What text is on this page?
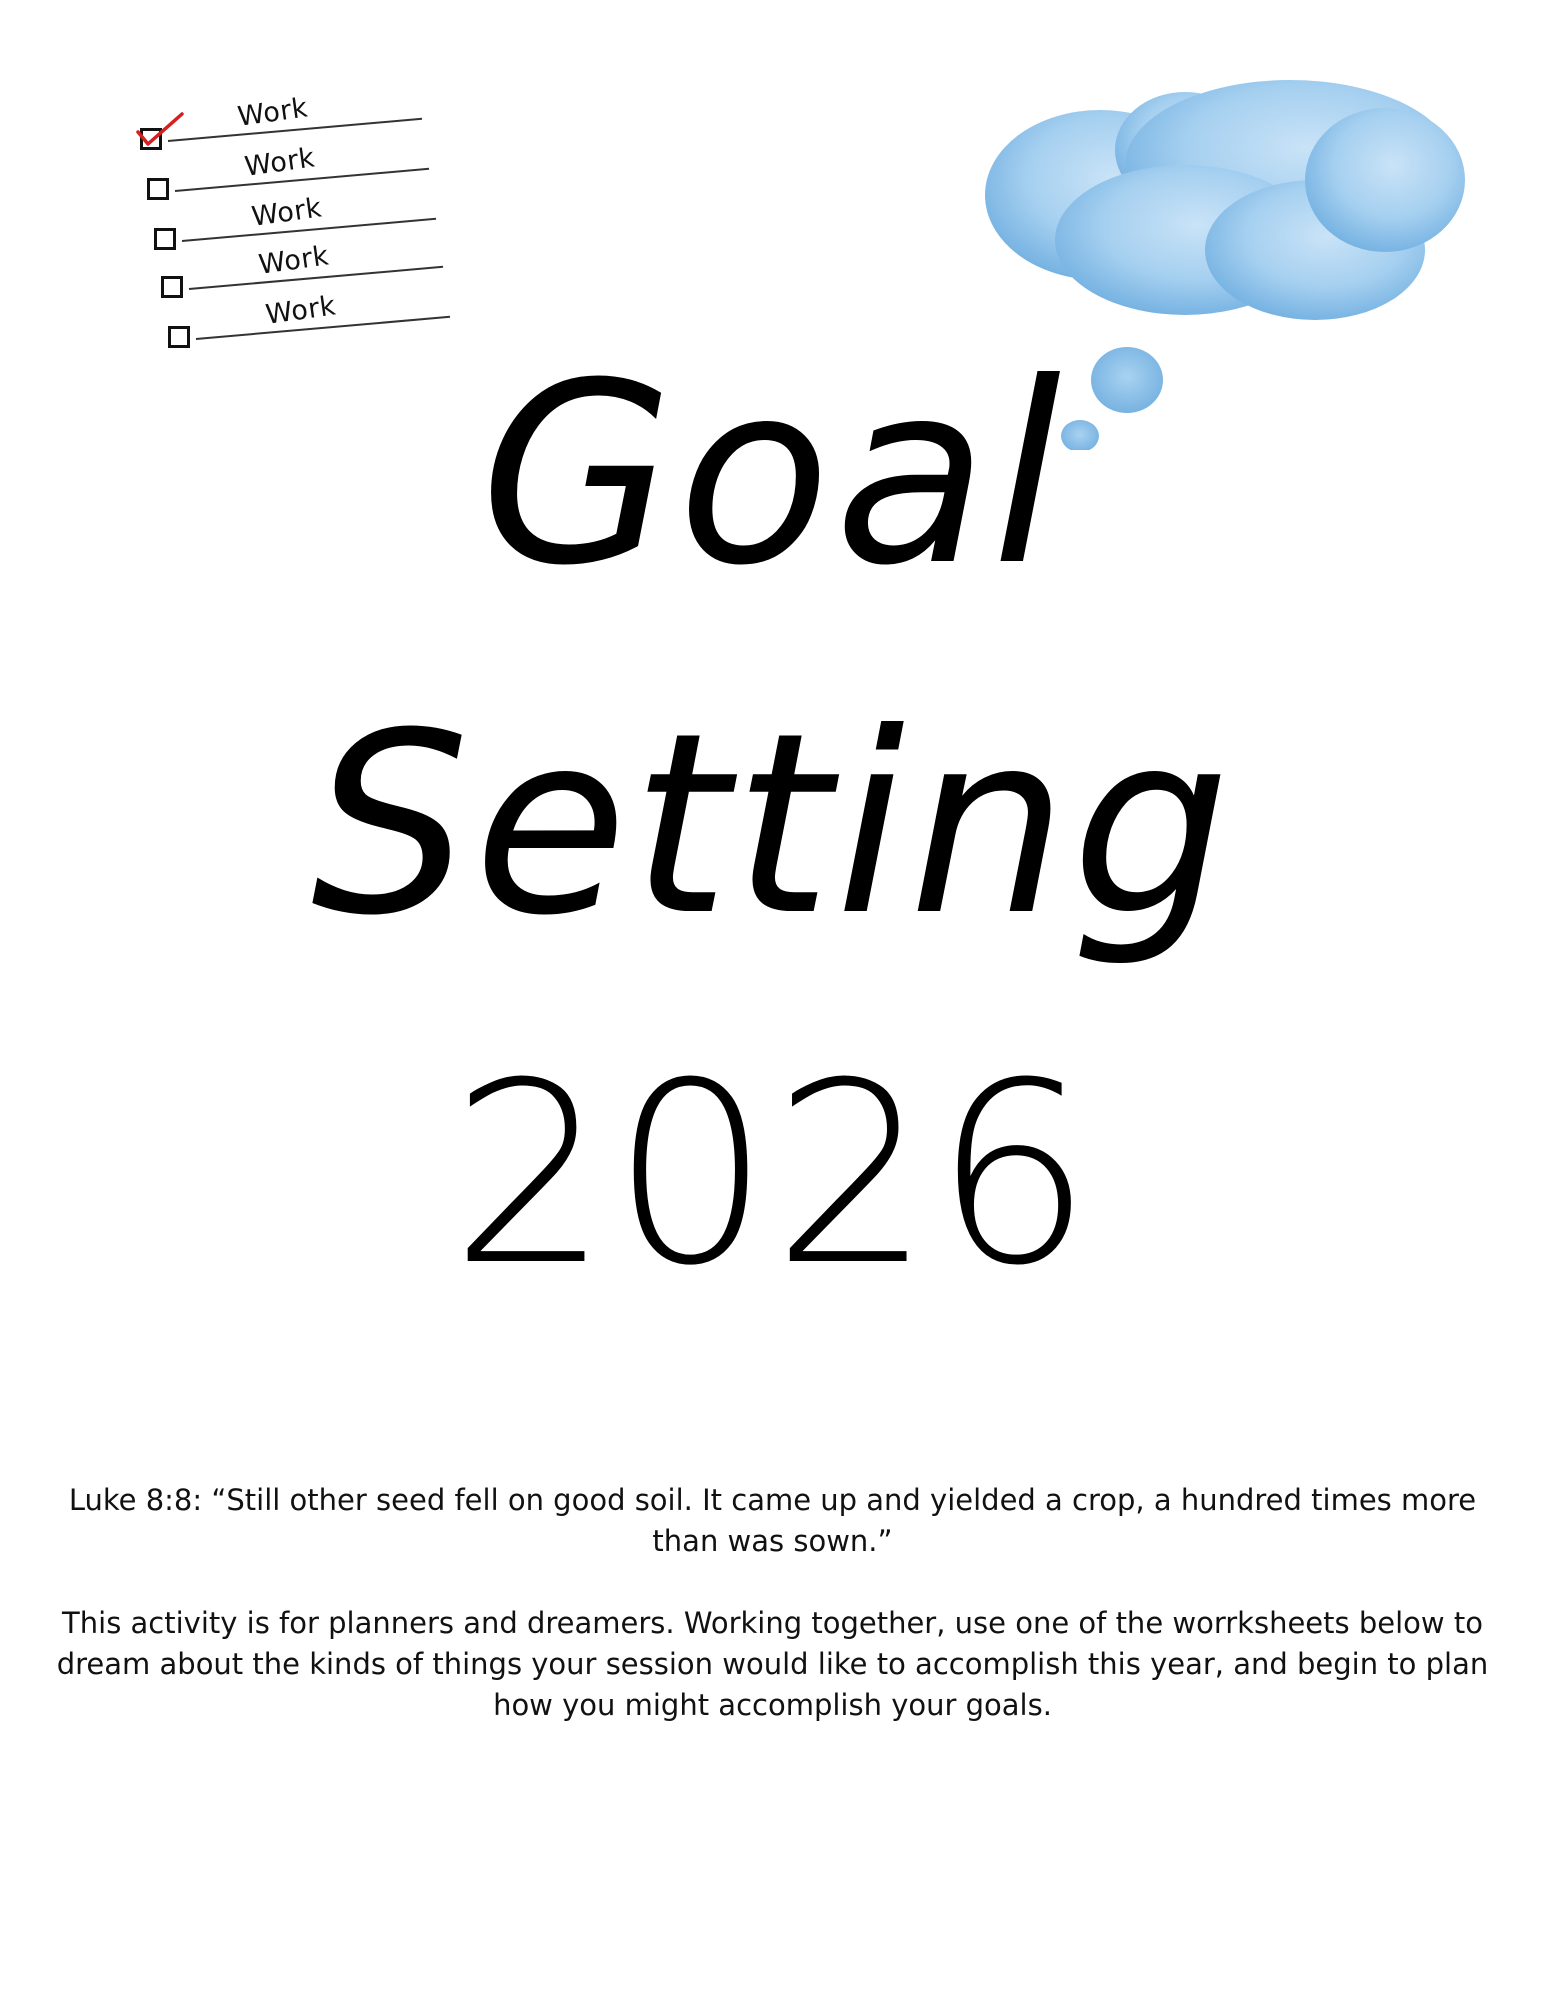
Work
Work
Work
Work
Work
Goal
Setting
2026
Luke 8:8: “Still other seed fell on good soil. It came up and yielded a crop, a hundred times more than was sown.”
This activity is for planners and dreamers. Working together, use one of the worrksheets below to dream about the kinds of things your session would like to accomplish this year, and begin to plan how you might accomplish your goals.
